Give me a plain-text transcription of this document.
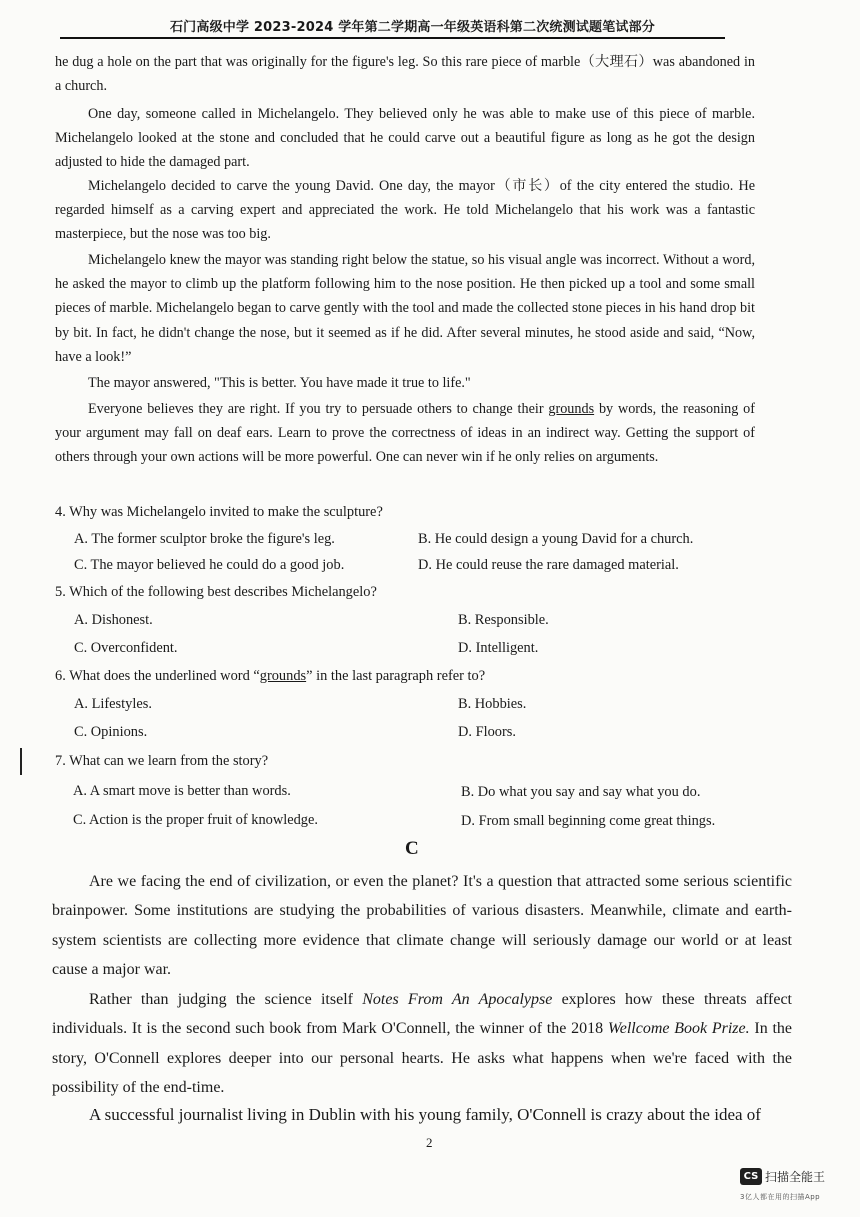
石门高级中学 2023-2024 学年第二学期高一年级英语科第二次统测试题笔试部分

he dug a hole on the part that was originally for the figure's leg. So this rare piece of marble（大理石）was abandoned in a church.

One day, someone called in Michelangelo. They believed only he was able to make use of this piece of marble. Michelangelo looked at the stone and concluded that he could carve out a beautiful figure as long as he got the design adjusted to hide the damaged part.

Michelangelo decided to carve the young David. One day, the mayor（市长）of the city entered the studio. He regarded himself as a carving expert and appreciated the work. He told Michelangelo that his work was a fantastic masterpiece, but the nose was too big.

Michelangelo knew the mayor was standing right below the statue, so his visual angle was incorrect. Without a word, he asked the mayor to climb up the platform following him to the nose position. He then picked up a tool and some small pieces of marble. Michelangelo began to carve gently with the tool and made the collected stone pieces in his hand drop bit by bit. In fact, he didn't change the nose, but it seemed as if he did. After several minutes, he stood aside and said, “Now, have a look!”

The mayor answered, "This is better. You have made it true to life."

Everyone believes they are right. If you try to persuade others to change their grounds by words, the reasoning of your argument may fall on deaf ears. Learn to prove the correctness of ideas in an indirect way. Getting the support of others through your own actions will be more powerful. One can never win if he only relies on arguments.

4. Why was Michelangelo invited to make the sculpture?
A. The former sculptor broke the figure's leg.	B. He could design a young David for a church.
C. The mayor believed he could do a good job.	D. He could reuse the rare damaged material.
5. Which of the following best describes Michelangelo?
A. Dishonest.	B. Responsible.
C. Overconfident.	D. Intelligent.
6. What does the underlined word “grounds” in the last paragraph refer to?
A. Lifestyles.	B. Hobbies.
C. Opinions.	D. Floors.
7. What can we learn from the story?
A. A smart move is better than words.	B. Do what you say and say what you do.
C. Action is the proper fruit of knowledge.	D. From small beginning come great things.
C

Are we facing the end of civilization, or even the planet? It's a question that attracted some serious scientific brainpower. Some institutions are studying the probabilities of various disasters. Meanwhile, climate and earth-system scientists are collecting more evidence that climate change will seriously damage our world or at least cause a major war.

Rather than judging the science itself Notes From An Apocalypse explores how these threats affect individuals. It is the second such book from Mark O'Connell, the winner of the 2018 Wellcome Book Prize. In the story, O'Connell explores deeper into our personal hearts. He asks what happens when we're faced with the possibility of the end-time.

A successful journalist living in Dublin with his young family, O'Connell is crazy about the idea of

2
CS 扫描全能王
3亿人都在用的扫描App
